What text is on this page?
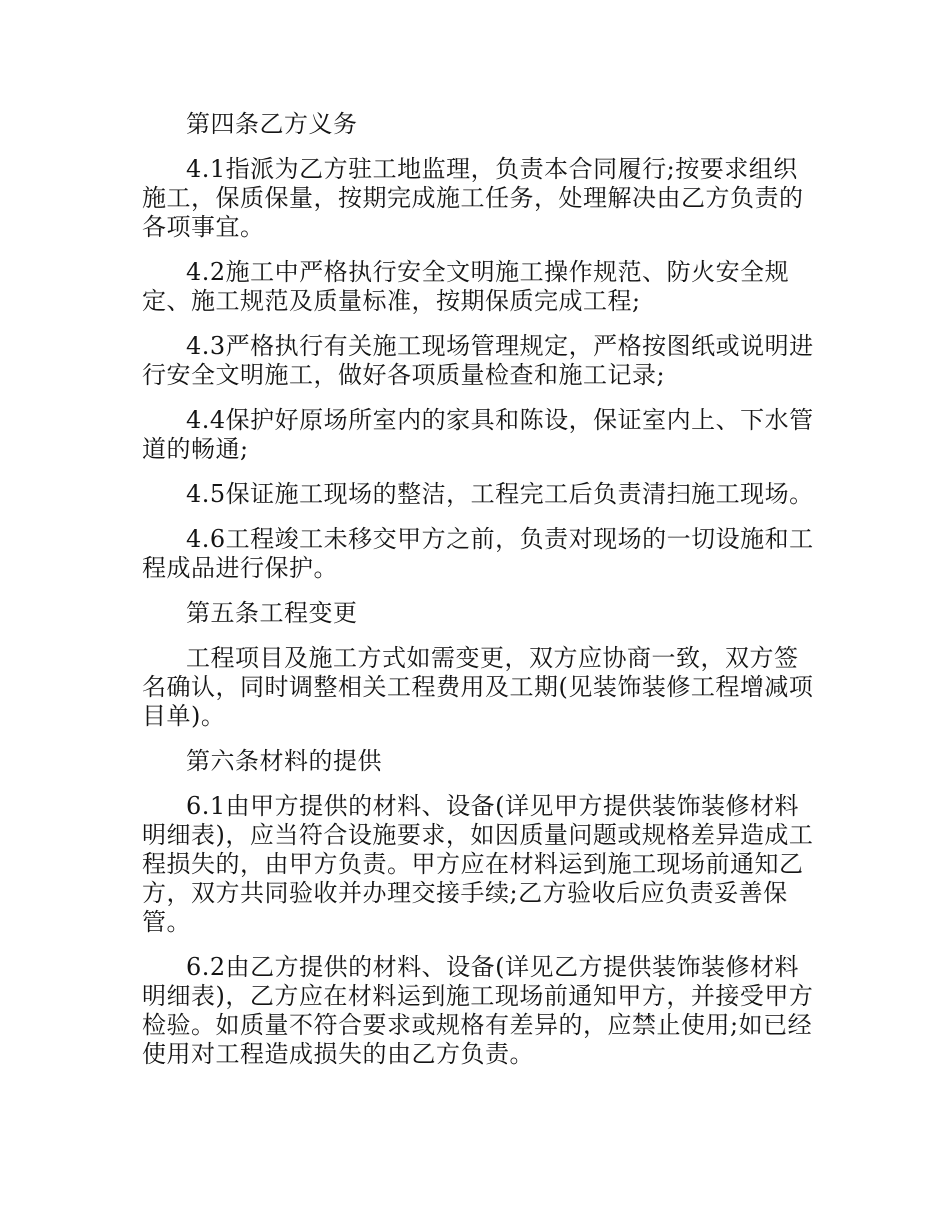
第四条乙方义务

4.1指派为乙方驻工地监理，负责本合同履行;按要求组织施工，保质保量，按期完成施工任务，处理解决由乙方负责的各项事宜。

4.2施工中严格执行安全文明施工操作规范、防火安全规定、施工规范及质量标准，按期保质完成工程;

4.3严格执行有关施工现场管理规定，严格按图纸或说明进行安全文明施工，做好各项质量检查和施工记录;

4.4保护好原场所室内的家具和陈设，保证室内上、下水管道的畅通;

4.5保证施工现场的整洁，工程完工后负责清扫施工现场。

4.6工程竣工未移交甲方之前，负责对现场的一切设施和工程成品进行保护。

第五条工程变更

工程项目及施工方式如需变更，双方应协商一致，双方签名确认，同时调整相关工程费用及工期(见装饰装修工程增减项目单)。

第六条材料的提供

6.1由甲方提供的材料、设备(详见甲方提供装饰装修材料明细表)，应当符合设施要求，如因质量问题或规格差异造成工程损失的，由甲方负责。甲方应在材料运到施工现场前通知乙方，双方共同验收并办理交接手续;乙方验收后应负责妥善保管。

6.2由乙方提供的材料、设备(详见乙方提供装饰装修材料明细表)，乙方应在材料运到施工现场前通知甲方，并接受甲方检验。如质量不符合要求或规格有差异的，应禁止使用;如已经使用对工程造成损失的由乙方负责。
